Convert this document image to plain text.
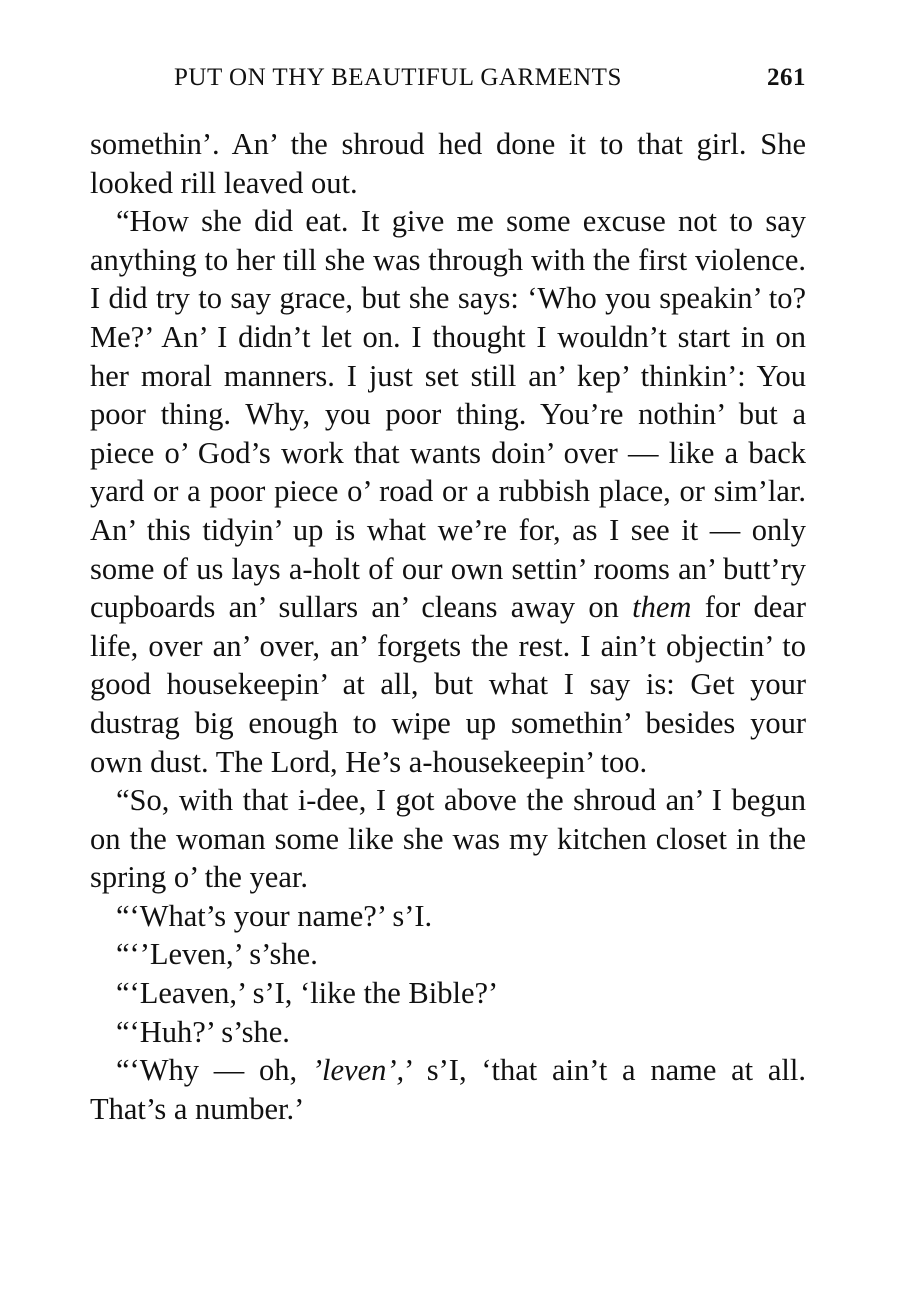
PUT ON THY BEAUTIFUL GARMENTS	261

somethin’. An’ the shroud hed done it to that girl. She looked rill leaved out.

“How she did eat. It give me some excuse not to say anything to her till she was through with the first violence. I did try to say grace, but she says: ‘Who you speakin’ to? Me?’ An’ I didn’t let on. I thought I wouldn’t start in on her moral manners. I just set still an’ kep’ thinkin’: You poor thing. Why, you poor thing. You’re nothin’ but a piece o’ God’s work that wants doin’ over — like a back yard or a poor piece o’ road or a rubbish place, or sim’lar. An’ this tidyin’ up is what we’re for, as I see it — only some of us lays a-holt of our own settin’ rooms an’ butt’ry cupboards an’ sullars an’ cleans away on them for dear life, over an’ over, an’ forgets the rest. I ain’t objectin’ to good housekeepin’ at all, but what I say is: Get your dustrag big enough to wipe up somethin’ besides your own dust. The Lord, He’s a-housekeepin’ too.

“So, with that i-dee, I got above the shroud an’ I begun on the woman some like she was my kitchen closet in the spring o’ the year.

“‘What’s your name?’ s’I.

“‘’Leven,’ s’she.

“‘Leaven,’ s’I, ‘like the Bible?’

“‘Huh?’ s’she.

“‘Why — oh, ’leven’,’ s’I, ‘that ain’t a name at all. That’s a number.’
